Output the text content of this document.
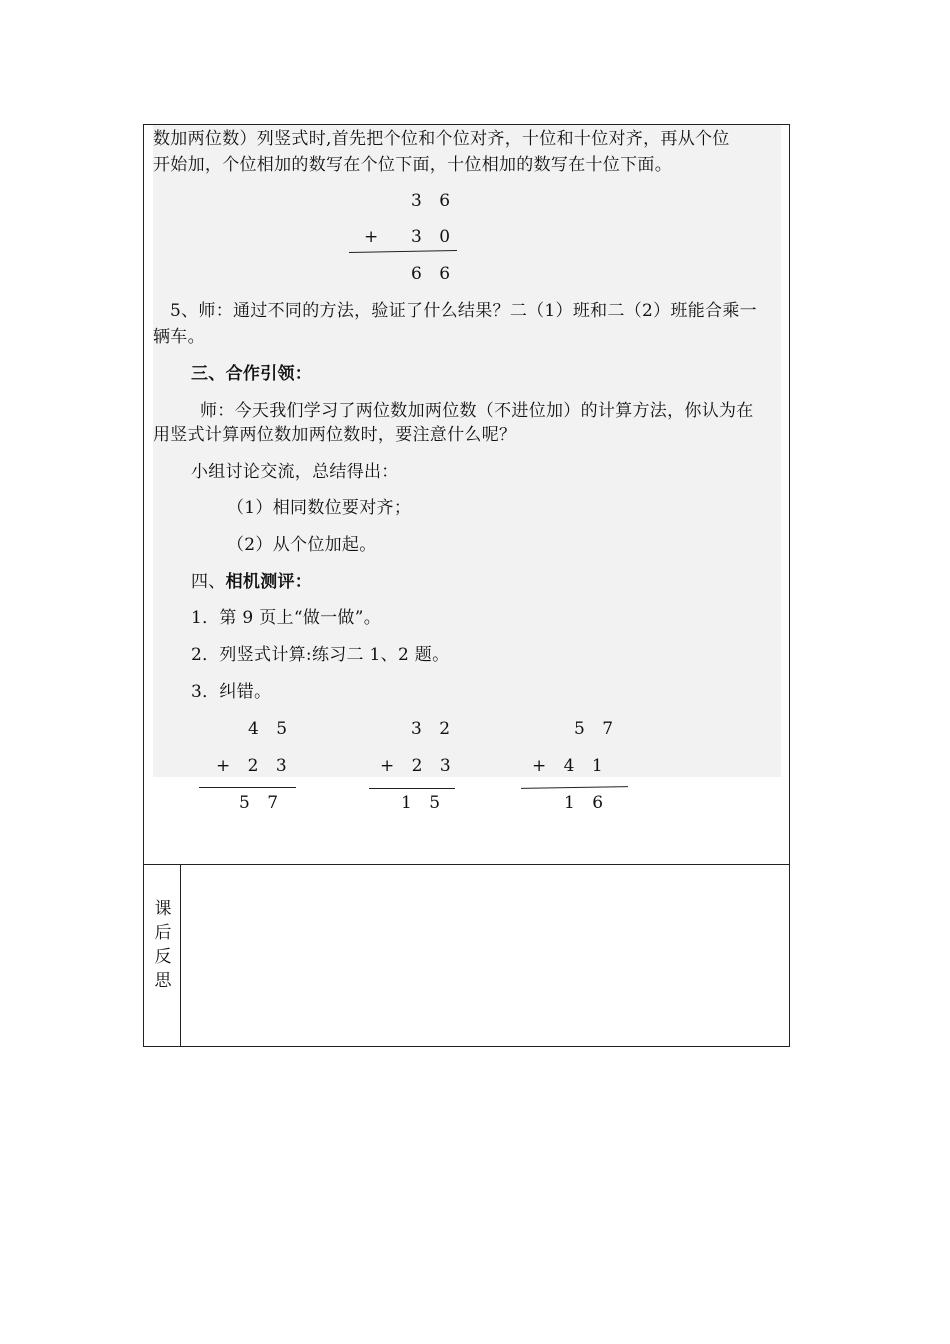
数加两位数）列竖式时,首先把个位和个位对齐，十位和十位对齐，再从个位
开始加，个位相加的数写在个位下面，十位相加的数写在十位下面。
3 6
+ 3 0
6 6
5、师：通过不同的方法，验证了什么结果？二（1）班和二（2）班能合乘一
辆车。
三、合作引领：
师：今天我们学习了两位数加两位数（不进位加）的计算方法，你认为在
用竖式计算两位数加两位数时，要注意什么呢？
小组讨论交流，总结得出：
（1）相同数位要对齐；
（2）从个位加起。
四、相机测评：
1．第 9 页上“做一做”。
2．列竖式计算:练习二 1、2 题。
3．纠错。
4 5
+ 2 3
5 7
3 2
+ 2 3
1 5
5 7
+ 4 1
1 6
课
后
反
思
